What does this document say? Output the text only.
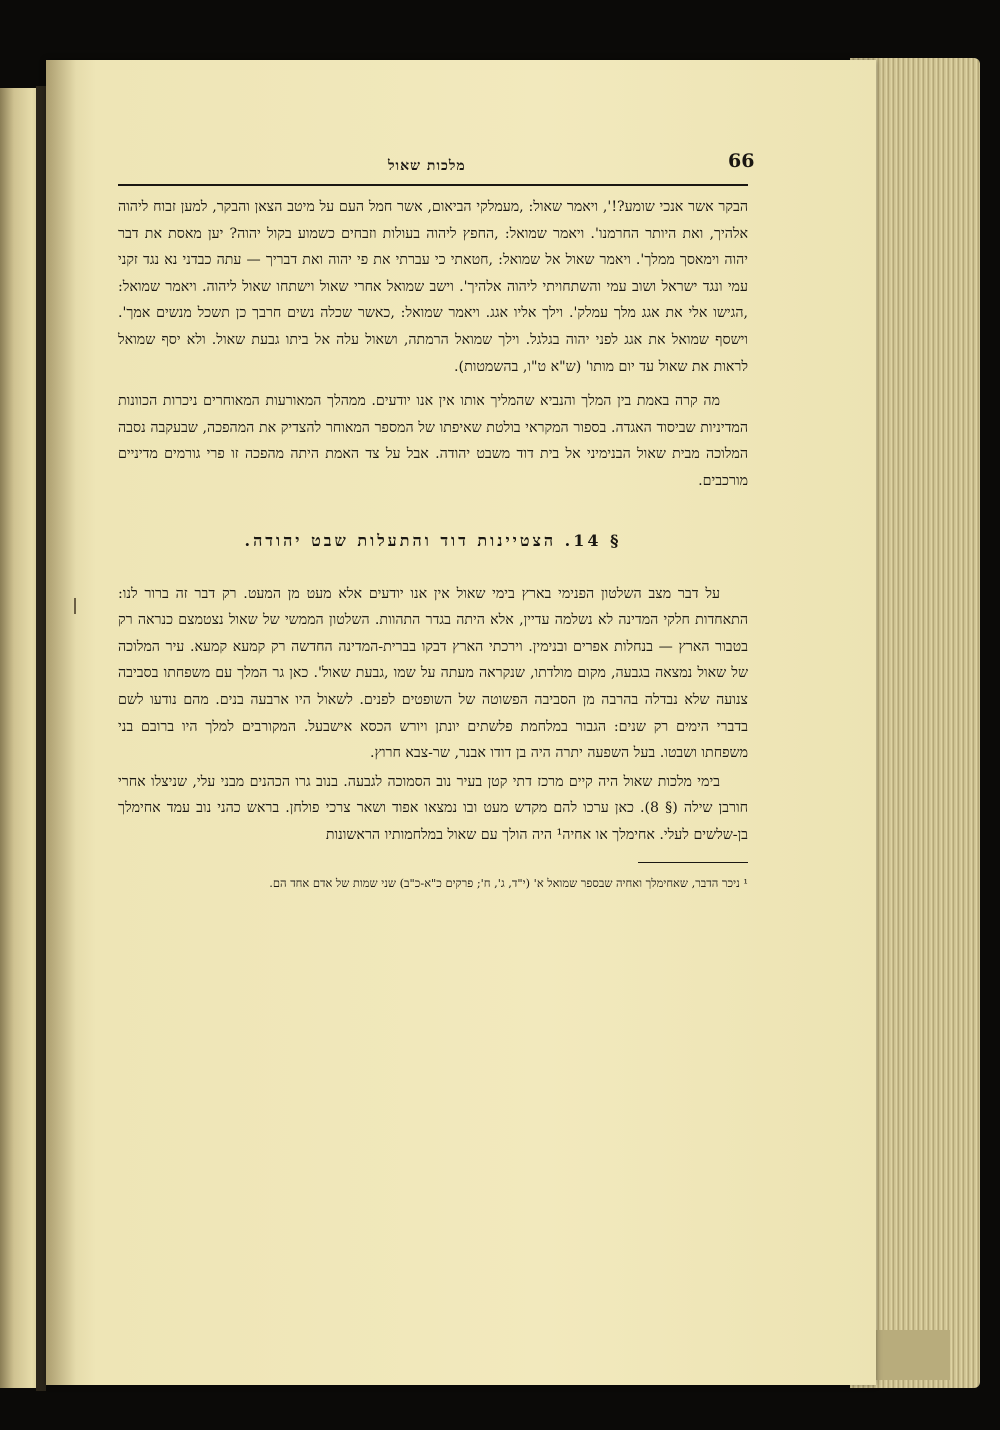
66
מלכות שאול

הבקר אשר אנכי שומע?!', ויאמר שאול: ,מעמלקי הביאום, אשר חמל העם על מיטב הצאן והבקר, למען זבוח ליהוה אלהיך, ואת היותר החרמנו'. ויאמר שמואל: ,החפץ ליהוה בעולות וזבחים כשמוע בקול יהוה? יען מאסת את דבר יהוה וימאסך ממלך'. ויאמר שאול אל שמואל: ,חטאתי כי עברתי את פי יהוה ואת דבריך — עתה כבדני נא נגד זקני עמי ונגד ישראל ושוב עמי והשתחויתי ליהוה אלהיך'. וישב שמואל אחרי שאול וישתחו שאול ליהוה. ויאמר שמואל: ,הגישו אלי את אגג מלך עמלק'. וילך אליו אגג. ויאמר שמואל: ,כאשר שכלה נשים חרבך כן תשכל מנשים אמך'. וישסף שמואל את אגג לפני יהוה בגלגל. וילך שמואל הרמתה, ושאול עלה אל ביתו גבעת שאול. ולא יסף שמואל לראות את שאול עד יום מותו' (ש"א ט"ו, בהשמטות).

מה קרה באמת בין המלך והנביא שהמליך אותו אין אנו יודעים. ממהלך המאורעות המאוחרים ניכרות הכוונות המדיניות שביסוד האגדה. בספור המקראי בולטת שאיפתו של המספר המאוחר להצדיק את המהפכה, שבעקבה נסבה המלוכה מבית שאול הבנימיני אל בית דוד משבט יהודה. אבל על צד האמת היתה מהפכה זו פרי גורמים מדיניים מורכבים.

§ 14. הצטיינות דוד והתעלות שבט יהודה.

על דבר מצב השלטון הפנימי בארץ בימי שאול אין אנו יודעים אלא מעט מן המעט. רק דבר זה ברור לנו: התאחדות חלקי המדינה לא נשלמה עדיין, אלא היתה בגדר התהוות. השלטון הממשי של שאול נצטמצם כנראה רק בטבור הארץ — בנחלות אפרים ובנימין. וירכתי הארץ דבקו בברית-המדינה החדשה רק קמעא קמעא. עיר המלוכה של שאול נמצאה בגבעה, מקום מולדתו, שנקראה מעתה על שמו ,גבעת שאול'. כאן גר המלך עם משפחתו בסביבה צנועה שלא נבדלה בהרבה מן הסביבה הפשוטה של השופטים לפנים. לשאול היו ארבעה בנים. מהם נודעו לשם בדברי הימים רק שנים: הגבור במלחמת פלשתים יונתן ויורש הכסא אישבעל. המקורבים למלך היו ברובם בני משפחתו ושבטו. בעל השפעה יתרה היה בן דודו אבנר, שר-צבא חרוץ.

בימי מלכות שאול היה קיים מרכז דתי קטן בעיר נוב הסמוכה לגבעה. בנוב גרו הכהנים מבני עלי, שניצלו אחרי חורבן שילה (§ 8). כאן ערכו להם מקדש מעט ובו נמצאו אפוד ושאר צרכי פולחן. בראש כהני נוב עמד אחימלך בן-שלשים לעלי. אחימלך או אחיה¹ היה הולך עם שאול במלחמותיו הראשונות

¹ ניכר הדבר, שאחימלך ואחיה שבספר שמואל א' (י"ד, ג', ח'; פרקים כ"א-כ"ב) שני שמות של אדם אחד הם.
